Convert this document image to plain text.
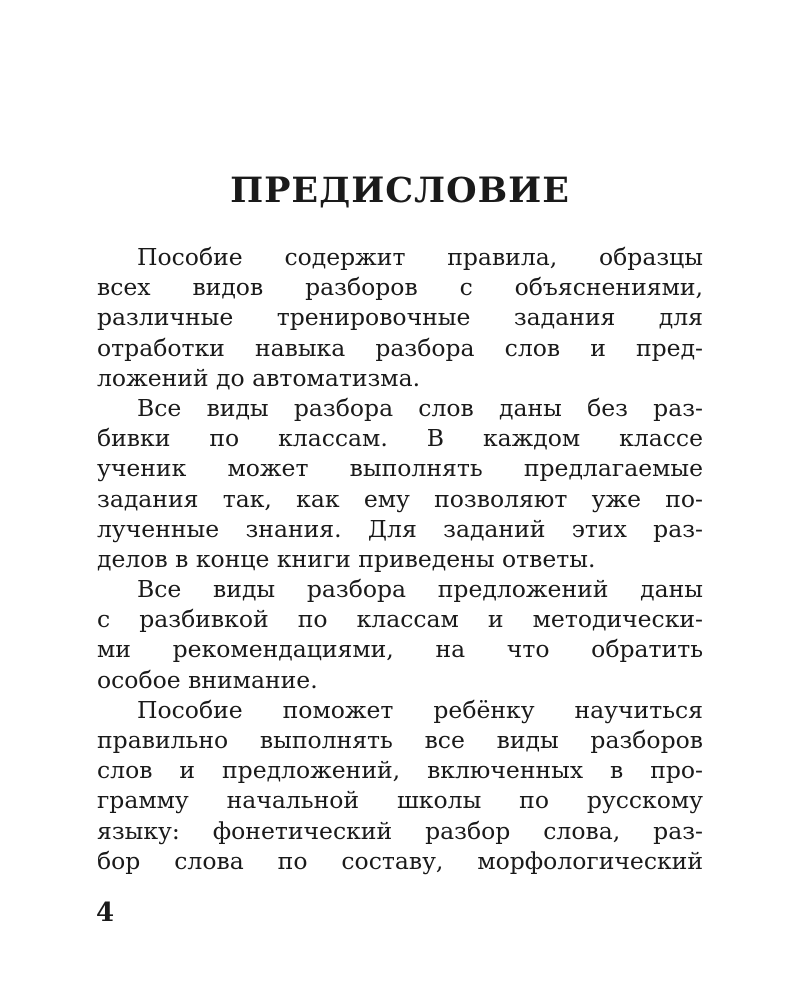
ПРЕДИСЛОВИЕ
Пособие содержит правила, образцы
всех видов разборов с объяснениями,
различные тренировочные задания для
отработки навыка разбора слов и пред-
ложений до автоматизма.
Все виды разбора слов даны без раз-
бивки по классам. В каждом классе
ученик может выполнять предлагаемые
задания так, как ему позволяют уже по-
лученные знания. Для заданий этих раз-
делов в конце книги приведены ответы.
Все виды разбора предложений даны
с разбивкой по классам и методически-
ми рекомендациями, на что обратить
особое внимание.
Пособие поможет ребёнку научиться
правильно выполнять все виды разборов
слов и предложений, включенных в про-
грамму начальной школы по русскому
языку: фонетический разбор слова, раз-
бор слова по составу, морфологический
4
